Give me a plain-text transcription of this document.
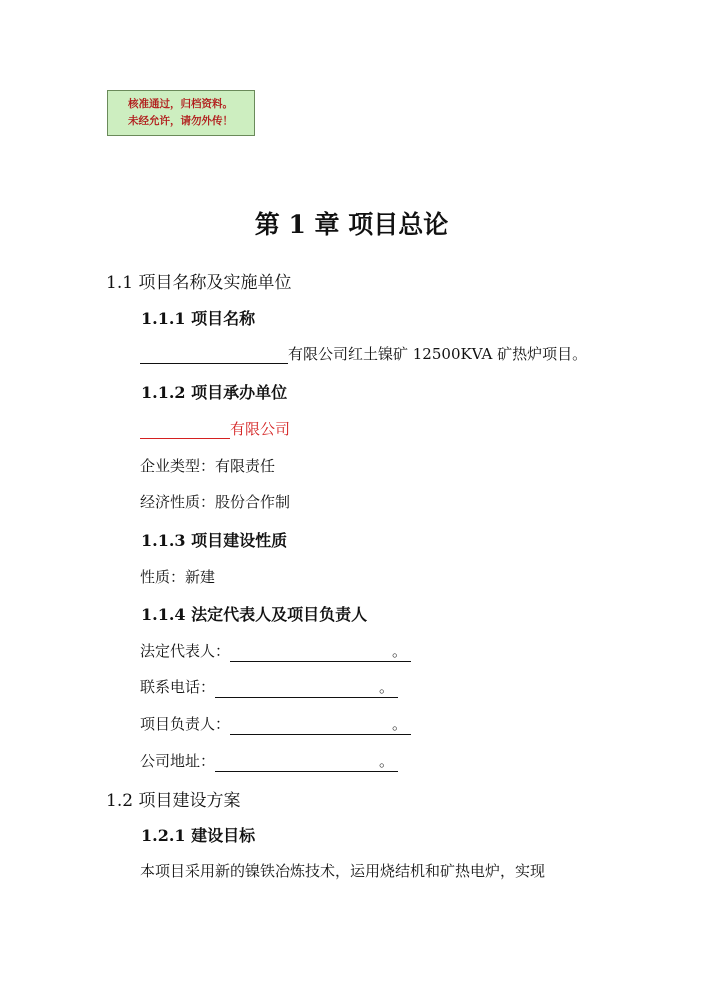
核准通过，归档资料。
未经允许，请勿外传！
第 1 章 项目总论
1.1 项目名称及实施单位
1.1.1 项目名称
有限公司红土镍矿 12500KVA 矿热炉项目。
1.1.2 项目承办单位
有限公司
企业类型：有限责任
经济性质：股份合作制
1.1.3 项目建设性质
性质：新建
1.1.4 法定代表人及项目负责人
法定代表人：	。
联系电话：	。
项目负责人：	。
公司地址：	。
1.2 项目建设方案
1.2.1 建设目标
本项目采用新的镍铁冶炼技术，运用烧结机和矿热电炉，实现
